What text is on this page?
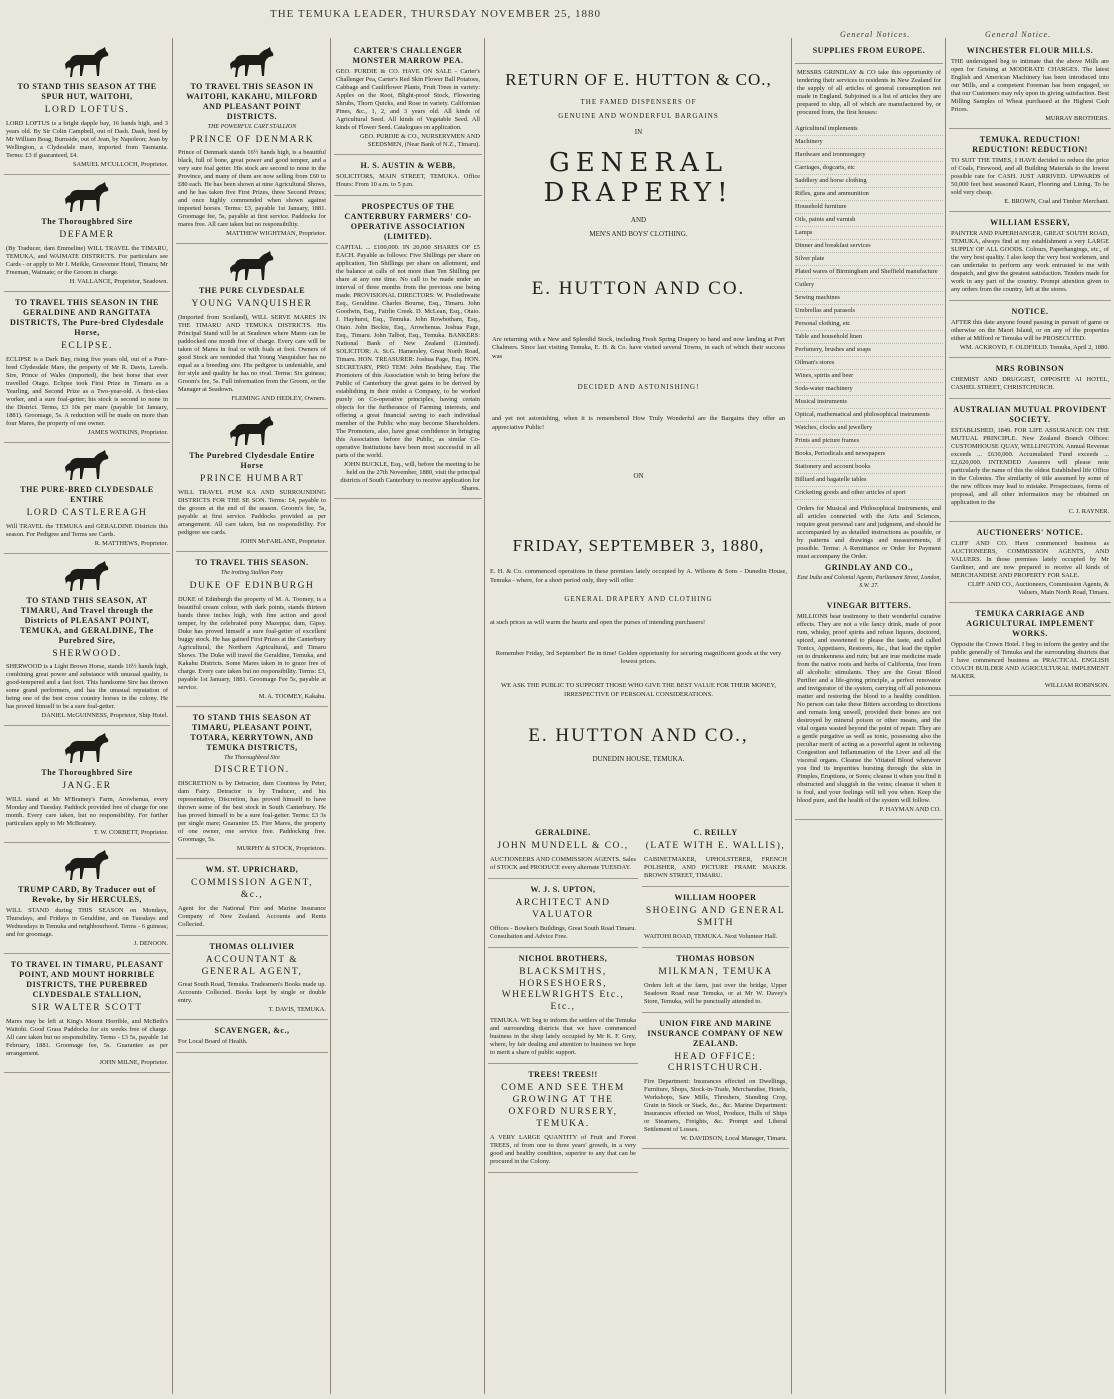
THE TEMUKA LEADER, THURSDAY NOVEMBER 25, 1880
General Notices.	General Notice.
TO STAND THIS SEASON AT THE SPUR HUT, WAITOHI,
LORD LOFTUS.

LORD LOFTUS is a bright dapple bay, 16 hands high, and 3 years old. By Sir Colin Campbell, out of Dash. Dash, bred by Mr William Boag, Burnside, out of Jean, by Napoleon; Jean by Wellington, a Clydesdale mare, imported from Tasmania. Terms: £3 if guaranteed, £4.

SAMUEL M'CULLOCH, Proprietor.
The Thoroughbred Sire
DEFAMER

(By Traducer, dam Emmeline) WILL TRAVEL the TIMARU, TEMUKA, and WAIMATE DISTRICTS. For particulars see Cards - or apply to Mr J. Meikle, Grosvenor Hotel, Timaru; Mr Freeman, Waimate; or the Groom in charge.

H. VALLANCE, Proprietor, Seadown.
TO TRAVEL THIS SEASON IN THE GERALDINE AND RANGITATA DISTRICTS, The Pure-bred Clydesdale Horse,
ECLIPSE.

ECLIPSE is a Dark Bay, rising five years old, out of a Pure-bred Clydesdale Mare, the property of Mr R. Davis, Lavels. Sire, Prince of Wales (imported), the best horse that ever travelled Otago. Eclipse took First Prize in Timaru as a Yearling, and Second Prize as a Two-year-old. A first-class worker, and a sure foal-getter; his stock is second to none in the District. Terms, £3 10s per mare (payable 1st January, 1881). Groomage, 5s. A reduction will be made on more than four Mares, the property of one owner.

JAMES WATKINS, Proprietor.
THE PURE-BRED CLYDESDALE ENTIRE
LORD CASTLEREAGH

Will TRAVEL the TEMUKA and GERALDINE Districts this season. For Pedigree and Terms see Cards.

R. MATTHEWS, Proprietor.
TO STAND THIS SEASON, AT TIMARU, And Travel through the Districts of PLEASANT POINT, TEMUKA, and GERALDINE, The Purebred Sire,
SHERWOOD.

SHERWOOD is a Light Brown Horse, stands 16½ hands high, combining great power and substance with unusual quality, is good-tempered and a fast foot. This handsome Sire has thrown some grand performers, and has the unusual reputation of being one of the best cross country horses in the colony. He has proved himself to be a sure foal-getter.

DANIEL McGUINNESS, Proprietor, Ship Hotel.
The Thoroughbred Sire
JANG.ER

WILL stand at Mr M'Bratney's Farm, Arowhenua, every Monday and Tuesday. Paddock provided free of charge for one month. Every care taken, but no responsibility. For further particulars apply to Mr McBratney.

T. W. CORBETT, Proprietor.
TRUMP CARD, By Traducer out of Revoke, by Sir HERCULES,

WILL STAND during THIS SEASON on Mondays, Thursdays, and Fridays in Geraldine, and on Tuesdays and Wednesdays in Temuka and neighbourhood. Terms - 6 guineas; and for groomage.

J. DENOON.
TO TRAVEL IN TIMARU, PLEASANT POINT, AND MOUNT HORRIBLE DISTRICTS, THE PUREBRED CLYDESDALE STALLION,
SIR WALTER SCOTT

Mares may be left at King's Mount Horrible, and McBeth's Waitohi. Good Grass Paddocks for six weeks free of charge. All care taken but no responsibility. Terms - £3 5s, payable 1st February, 1881. Groomage fee, 5s. Guarantee as per arrangement.

JOHN MILNE, Proprietor.
TO TRAVEL THIS SEASON IN WAITOHI, KAKAHU, MILFORD AND PLEASANT POINT DISTRICTS.
THE POWERFUL CART STALLION
PRINCE OF DENMARK

Prince of Denmark stands 16½ hands high, is a beautiful black, full of bone, great power and good temper, and a very sure foal getter. His stock are second to none in the Province, and many of them are now selling from £60 to £80 each. He has been shown at nine Agricultural Shows, and he has taken five First Prizes, three Second Prizes; and once highly commended when shown against imported horses. Terms: £3, payable 1st January, 1881. Groomage fee, 5s, payable at first service. Paddocks for mares free. All care taken but no responsibility.

MATTHEW WIGHTMAN, Proprietor.
THE PURE CLYDESDALE
YOUNG VANQUISHER

(Imported from Scotland), WILL SERVE MARES IN THE TIMARU AND TEMUKA DISTRICTS. His Principal Stand will be at Seadown where Mares can be paddocked one month free of charge. Every care will be taken of Mares in foal or with foals at foot. Owners of good Stock are reminded that Young Vanquisher has no equal as a breeding sire. His pedigree is undeniable, and for style and quality he has no rival. Terms: Six guineas; Groom's fee, 5s. Full information from the Groom, or the Manager at Seadown.

FLEMING AND HEDLEY, Owners.
The Purebred Clydesdale Entire Horse
PRINCE HUMBART

WILL TRAVEL PUM KA AND SURROUNDING DISTRICTS FOR THE SE SON. Terms: £4, payable to the groom at the end of the season. Groom's fee, 5s, payable at first service. Paddocks provided as per arrangement. All care taken, but no responsibility. For pedigree see cards.

JOHN McFARLANE, Proprietor.
TO TRAVEL THIS SEASON.
The trotting Stallion Pony
DUKE OF EDINBURGH

DUKE of Edinburgh the property of M. A. Toomey, is a beautiful cream colour, with dark points, stands thirteen hands three inches high, with fine action and good temper, by the celebrated pony Mazeppa; dam, Gipsy. Duke has proved himself a sure foal-getter of excellent buggy stock. He has gained First Prizes at the Canterbury Agricultural, the Northern Agricultural, and Timaru Shows. The Duke will travel the Geraldine, Temuka, and Kakahu Districts. Some Mares taken in to graze free of charge. Every care taken but no responsibility. Terms: £3, payable 1st January, 1881. Groomage Fee 5s, payable at service.

M. A. TOOMEY, Kakahu.
TO STAND THIS SEASON AT TIMARU, PLEASANT POINT, TOTARA, KERRYTOWN, AND TEMUKA DISTRICTS,
The Thoroughbred Sire
DISCRETION.

DISCRETION is by Detractor, dam Countess by Peter, dam Fairy. Detractor is by Traducer, and his representative, Discretion, has proved himself to have thrown some of the best stock in South Canterbury. He has proved himself to be a sure foal-getter. Terms: £3 3s per single mare; Guarantee £5. Fire Mares, the property of one owner, one service free. Paddocking free. Groomage, 5s.

MURPHY & STOCK, Proprietors.
WM. ST. UPRICHARD,
COMMISSION AGENT, &c.,

Agent for the National Fire and Marine Insurance Company of New Zealand. Accounts and Rents Collected.

THOMAS OLLIVIER
ACCOUNTANT & GENERAL AGENT,

Great South Road, Temuka. Tradesmen's Books made up. Accounts Collected. Books kept by single or double entry.

T. DAVIS, TEMUKA.
SCAVENGER, &c.,

For Local Board of Health.

CARTER'S CHALLENGER MONSTER MARROW PEA.

GEO. PURDIE & CO. HAVE ON SALE - Carter's Challenger Pea, Carter's Red Skin Flower Ball Potatoes, Cabbage and Cauliflower Plants, Fruit Trees in variety: Apples on the Root, Blight-proof Stock, Flowering Shrubs, Thorn Quicks, and Rose in variety. Californian Pines, &c., 1, 2, and 3 years old. All kinds of Agricultural Seed. All kinds of Vegetable Seed. All kinds of Flower Seed. Catalogues on application.

GEO. PURDIE & CO., NURSERYMEN AND SEEDSMEN, (Near Bank of N.Z., Timaru).
H. S. AUSTIN & WEBB,

SOLICITORS, MAIN STREET, TEMUKA. Office Hours: From 10 a.m. to 5 p.m.

PROSPECTUS OF THE CANTERBURY FARMERS' CO-OPERATIVE ASSOCIATION (LIMITED).

CAPITAL ... £100,000. IN 20,000 SHARES OF £5 EACH. Payable as follows: Five Shillings per share on application, Ten Shillings per share on allotment, and the balance at calls of not more than Ten Shilling per share at any one time. No call to be made under an interval of three months from the previous one being made. PROVISIONAL DIRECTORS: W. Postlethwaite Esq., Geraldine. Charles Bourne, Esq., Timaru. John Goodwin, Esq., Fairlie Creek. D. McLean, Esq., Otaio. J. Hayhurst, Esq., Temuka. John Rowbotham, Esq., Otaio. John Beckie, Esq., Arowhenua. Joshua Page, Esq., Timaru. John Talbot, Esq., Temuka. BANKERS: National Bank of New Zealand (Limited). SOLICITOR: A. St.G. Hamersley, Great North Road, Timaru. HON. TREASURER: Joshua Page, Esq. HON. SECRETARY, PRO TEM: John Bradshaw, Esq. The Promoters of this Association wish to bring before the Public of Canterbury the great gains to be derived by establishing in their midst a Company, to be worked purely on Co-operative principles, having certain objects for the furtherance of Farming interests, and offering a great financial saving to each individual member of the Public who may become Shareholders. The Promoters, also, have great confidence in bringing this Association before the Public, as similar Co-operative Institutions have been most successful in all parts of the world.

JOHN BUCKLE, Esq., will, before the meeting to be held on the 27th November, 1880, visit the principal districts of South Canterbury to receive application for Shares.
RETURN OF E. HUTTON & CO.,
THE FAMED DISPENSERS OF
GENUINE AND WONDERFUL BARGAINS
IN
GENERAL DRAPERY!
AND
MEN'S AND BOYS' CLOTHING.
E. HUTTON AND CO.
Are returning with a New and Splendid Stock, including Fresh Spring Drapery to hand and now landing at Port Chalmers. Since last visiting Temuka, E. H. & Co. have visited several Towns, in each of which their success was
DECIDED AND ASTONISHING!
and yet not astonishing, when it is remembered How Truly Wonderful are the Bargains they offer an appreciative Public!
ON
FRIDAY, SEPTEMBER 3, 1880,
E. H. & Co. commenced operations in these premises lately occupied by A. Wilsons & Sons - Dunedin House, Temuka - where, for a short period only, they will offer
GENERAL DRAPERY AND CLOTHING
at such prices as will warm the hearts and open the purses of intending purchasers!
Remember Friday, 3rd September! Be in time! Golden opportunity for securing magnificent goods at the very lowest prices.
WE ASK THE PUBLIC TO SUPPORT THOSE WHO GIVE THE BEST VALUE FOR THEIR MONEY, IRRESPECTIVE OF PERSONAL CONSIDERATIONS.
E. HUTTON AND CO.,
DUNEDIN HOUSE, TEMUKA.
GERALDINE.
JOHN MUNDELL & CO.,

AUCTIONEERS AND COMMISSION AGENTS. Sales of STOCK and PRODUCE every alternate TUESDAY.

W. J. S. UPTON,
ARCHITECT AND VALUATOR

Offices - Bowker's Buildings, Great South Road Timaru. Consultation and Advice Free.

NICHOL BROTHERS,
BLACKSMITHS, HORSESHOERS, WHEELWRIGHTS Etc., Etc.,

TEMUKA. WE beg to inform the settlers of the Temuka and surrounding districts that we have commenced business in the shop lately occupied by Mr K. F. Grey, where, by fair dealing and attention to business we hope to merit a share of public support.

TREES! TREES!!
COME AND SEE THEM GROWING AT THE OXFORD NURSERY, TEMUKA.

A VERY LARGE QUANTITY of Fruit and Forest TREES, of from one to three years' growth, in a very good and healthy condition, superior to any that can be procured in the Colony.

C. REILLY
(LATE WITH E. WALLIS),

CABINETMAKER, UPHOLSTERER, FRENCH POLISHER, AND PICTURE FRAME MAKER. BROWN STREET, TIMARU.

WILLIAM HOOPER
SHOEING AND GENERAL SMITH

WAITOHI ROAD, TEMUKA. Next Volunteer Hall.

THOMAS HOBSON
MILKMAN, TEMUKA

Orders left at the farm, just over the bridge, Upper Seadown Road near Temuka, or at Mr W. Davey's Store, Temuka, will be punctually attended to.

UNION FIRE AND MARINE INSURANCE COMPANY OF NEW ZEALAND.
HEAD OFFICE: CHRISTCHURCH.

Fire Department: Insurances effected on Dwellings, Furniture, Shops, Stock-in-Trade, Merchandise, Hotels, Workshops, Saw Mills, Threshers, Standing Crop, Grain in Stock or Stack, &c., &c. Marine Department: Insurances effected on Wool, Produce, Hulls of Ships or Steamers, Freights, &c. Prompt and Liberal Settlement of Losses.

W. DAVIDSON, Local Manager, Timaru.
SUPPLIES FROM EUROPE.

MESSRS GRINDLAY & CO take this opportunity of tendering their services to residents in New Zealand for the supply of all articles of general consumption not made in England. Subjoined is a list of articles they are prepared to ship, all of which are manufactured by, or procured from, the first houses:

Agricultural implements
Machinery
Hardware and ironmongery
Carriages, dogcarts, etc
Saddlery and horse clothing
Rifles, guns and ammunition
Household furniture
Oils, paints and varnish
Lamps
Dinner and breakfast services
Silver plate
Plated wares of Birmingham and Sheffield manufacture
Cutlery
Sewing machines
Umbrellas and parasols
Personal clothing, etc
Table and household linen
Perfumery, brushes and soaps
Oilman's stores
Wines, spirits and beer
Soda-water machinery
Musical instruments
Optical, mathematical and philosophical instruments
Watches, clocks and jewellery
Prints and picture frames
Books, Periodicals and newspapers
Stationery and account books
Billiard and bagatelle tables
Cricketing goods and other articles of sport

Orders for Musical and Philosophical Instruments, and all articles connected with the Arts and Sciences, require great personal care and judgment, and should be accompanied by as detailed instructions as possible, or by patterns and drawings and measurements, if possible. Terms: A Remittance or Order for Payment must accompany the Order.

GRINDLAY AND CO.,
East India and Colonial Agents, Parliament Street, London, S.W. 27.
VINEGAR BITTERS.

MILLIONS bear testimony to their wonderful curative effects. They are not a vile fancy drink, made of poor rum, whisky, proof spirits and refuse liquors, doctored, spiced, and sweetened to please the taste, and called Tonics, Appetisers, Restorers, &c., that lead the tippler on to drunkenness and ruin; but are true medicine made from the native roots and herbs of California, free from all alcoholic stimulants. They are the Great Blood Purifier and a life-giving principle, a perfect renovator and invigorator of the system, carrying off all poisonous matter and restoring the blood to a healthy condition. No person can take these Bitters according to directions and remain long unwell, provided their bones are not destroyed by mineral poison or other means, and the vital organs wasted beyond the point of repair. They are a gentle purgative as well as tonic, possessing also the peculiar merit of acting as a powerful agent in relieving Congestion and Inflammation of the Liver and all the visceral organs. Cleanse the Vitiated Blood whenever you find its impurities bursting through the skin in Pimples, Eruptions, or Sores; cleanse it when you find it obstructed and sluggish in the veins; cleanse it when it is foul, and your feelings will tell you when. Keep the blood pure, and the health of the system will follow.

P. HAYMAN AND CO.
WINCHESTER FLOUR MILLS.

THE undersigned beg to intimate that the above Mills are open for Gristing at MODERATE CHARGES. The latest English and American Machinery has been introduced into our Mills, and a competent Foreman has been engaged, so that our Customers may rely upon its giving satisfaction. Best Milling Samples of Wheat purchased at the Highest Cash Prices.

MURRAY BROTHERS.
TEMUKA. REDUCTION! REDUCTION! REDUCTION!

TO SUIT THE TIMES, I HAVE decided to reduce the price of Coals, Firewood, and all Building Materials to the lowest possible rate for CASH. JUST ARRIVED. UPWARDS of 50,000 feet best seasoned Kauri, Flooring and Lining. To be sold very cheap.

E. BROWN, Coal and Timber Merchant.
WILLIAM ESSERY,

PAINTER AND PAPERHANGER, GREAT SOUTH ROAD, TEMUKA, always find at my establishment a very LARGE SUPPLY OF ALL GOODS. Colours, Paperhangings, etc., of the very best quality. I also keep the very best workmen, and can undertake to perform any work entrusted to me with despatch, and give the greatest satisfaction. Tenders made for work in any part of the country. Prompt attention given to any orders from the country, left at the stores.

NOTICE.

AFTER this date anyone found passing in pursuit of game or otherwise on the Maori Island, or on any of the properties either at Milford or Temuka will be PROSECUTED.

WM. ACKROYD, F. OLDFIELD. Temuka, April 2, 1880.
MRS ROBINSON

CHEMIST AND DRUGGIST, OPPOSITE AI HOTEL, CASHEL STREET, CHRISTCHURCH.

AUSTRALIAN MUTUAL PROVIDENT SOCIETY.

ESTABLISHED, 1849. FOR LIFE ASSURANCE ON THE MUTUAL PRINCIPLE. New Zealand Branch Offices: CUSTOMHOUSE QUAY, WELLINGTON. Annual Revenue exceeds ... £630,000. Accumulated Fund exceeds ... £2,620,000. INTENDED Assurers will please note particularly the name of this the oldest Established life Office in the Colonies. The similarity of title assumed by some of the new offices may lead to mistake. Prospectuses, forms of proposal, and all other information may be obtained on application to the

C. J. RAYNER.
AUCTIONEERS' NOTICE.

CLIFF AND CO. Have commenced business as AUCTIONEERS, COMMISSION AGENTS, AND VALUERS. In those premises lately occupied by Mr Gardiner, and are now prepared to receive all kinds of MERCHANDISE AND PROPERTY FOR SALE.

CLIFF AND CO., Auctioneers, Commission Agents, & Valuers, Main North Road, Timaru.
TEMUKA CARRIAGE AND AGRICULTURAL IMPLEMENT WORKS.

Opposite the Crown Hotel. I beg to inform the gentry and the public generally of Temuka and the surrounding districts that I have commenced business as PRACTICAL ENGLISH COACH BUILDER AND AGRICULTURAL IMPLEMENT MAKER.

WILLIAM ROBINSON.
